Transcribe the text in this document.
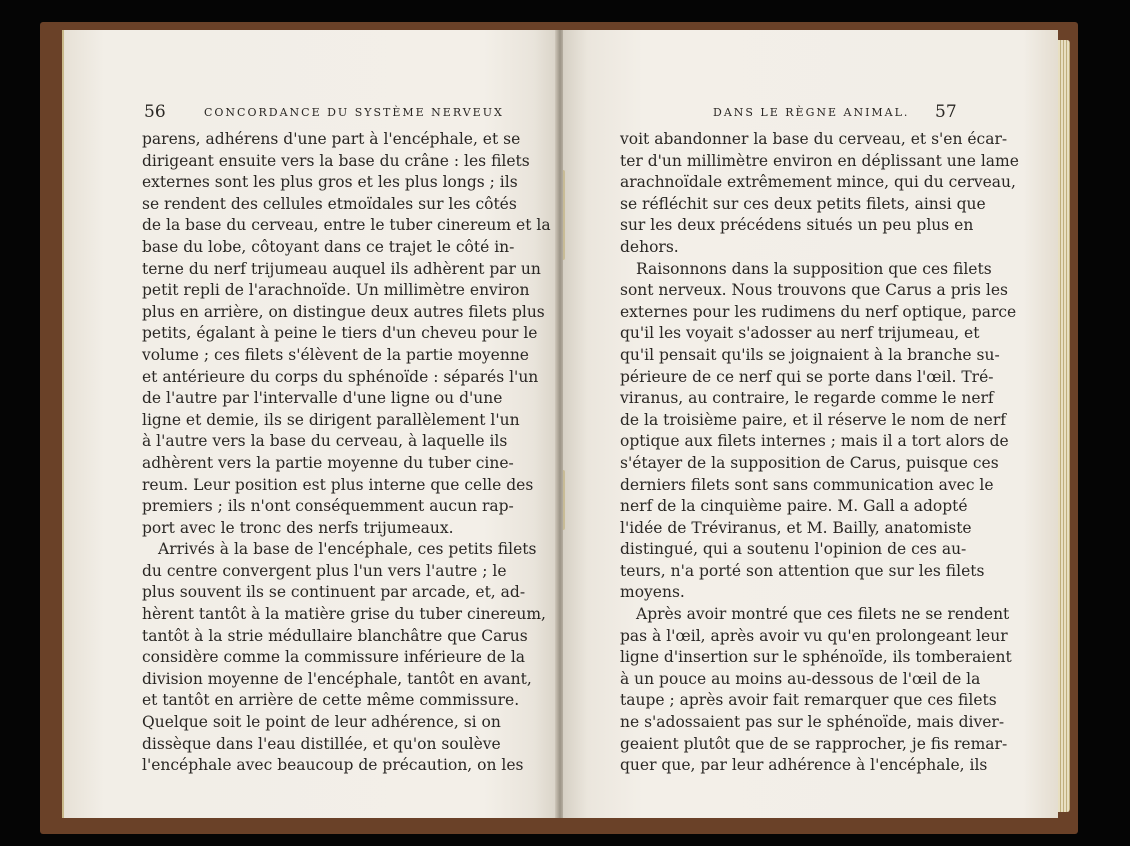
56	CONCORDANCE DU SYSTÈME NERVEUX
parens, adhérens d'une part à l'encéphale, et se
dirigeant ensuite vers la base du crâne : les filets
externes sont les plus gros et les plus longs ; ils
se rendent des cellules etmoïdales sur les côtés
de la base du cerveau, entre le tuber cinereum et la
base du lobe, côtoyant dans ce trajet le côté in-
terne du nerf trijumeau auquel ils adhèrent par un
petit repli de l'arachnoïde. Un millimètre environ
plus en arrière, on distingue deux autres filets plus
petits, égalant à peine le tiers d'un cheveu pour le
volume ; ces filets s'élèvent de la partie moyenne
et antérieure du corps du sphénoïde : séparés l'un
de l'autre par l'intervalle d'une ligne ou d'une
ligne et demie, ils se dirigent parallèlement l'un
à l'autre vers la base du cerveau, à laquelle ils
adhèrent vers la partie moyenne du tuber cine-
reum. Leur position est plus interne que celle des
premiers ; ils n'ont conséquemment aucun rap-
port avec le tronc des nerfs trijumeaux.
Arrivés à la base de l'encéphale, ces petits filets
du centre convergent plus l'un vers l'autre ; le
plus souvent ils se continuent par arcade, et, ad-
hèrent tantôt à la matière grise du tuber cinereum,
tantôt à la strie médullaire blanchâtre que Carus
considère comme la commissure inférieure de la
division moyenne de l'encéphale, tantôt en avant,
et tantôt en arrière de cette même commissure.
Quelque soit le point de leur adhérence, si on
dissèque dans l'eau distillée, et qu'on soulève
l'encéphale avec beaucoup de précaution, on les
DANS LE RÈGNE ANIMAL. 57
voit abandonner la base du cerveau, et s'en écar-
ter d'un millimètre environ en déplissant une lame
arachnoïdale extrêmement mince, qui du cerveau,
se réfléchit sur ces deux petits filets, ainsi que
sur les deux précédens situés un peu plus en
dehors.
Raisonnons dans la supposition que ces filets
sont nerveux. Nous trouvons que Carus a pris les
externes pour les rudimens du nerf optique, parce
qu'il les voyait s'adosser au nerf trijumeau, et
qu'il pensait qu'ils se joignaient à la branche su-
périeure de ce nerf qui se porte dans l'œil. Tré-
viranus, au contraire, le regarde comme le nerf
de la troisième paire, et il réserve le nom de nerf
optique aux filets internes ; mais il a tort alors de
s'étayer de la supposition de Carus, puisque ces
derniers filets sont sans communication avec le
nerf de la cinquième paire. M. Gall a adopté
l'idée de Tréviranus, et M. Bailly, anatomiste
distingué, qui a soutenu l'opinion de ces au-
teurs, n'a porté son attention que sur les filets
moyens.
Après avoir montré que ces filets ne se rendent
pas à l'œil, après avoir vu qu'en prolongeant leur
ligne d'insertion sur le sphénoïde, ils tomberaient
à un pouce au moins au-dessous de l'œil de la
taupe ; après avoir fait remarquer que ces filets
ne s'adossaient pas sur le sphénoïde, mais diver-
geaient plutôt que de se rapprocher, je fis remar-
quer que, par leur adhérence à l'encéphale, ils
